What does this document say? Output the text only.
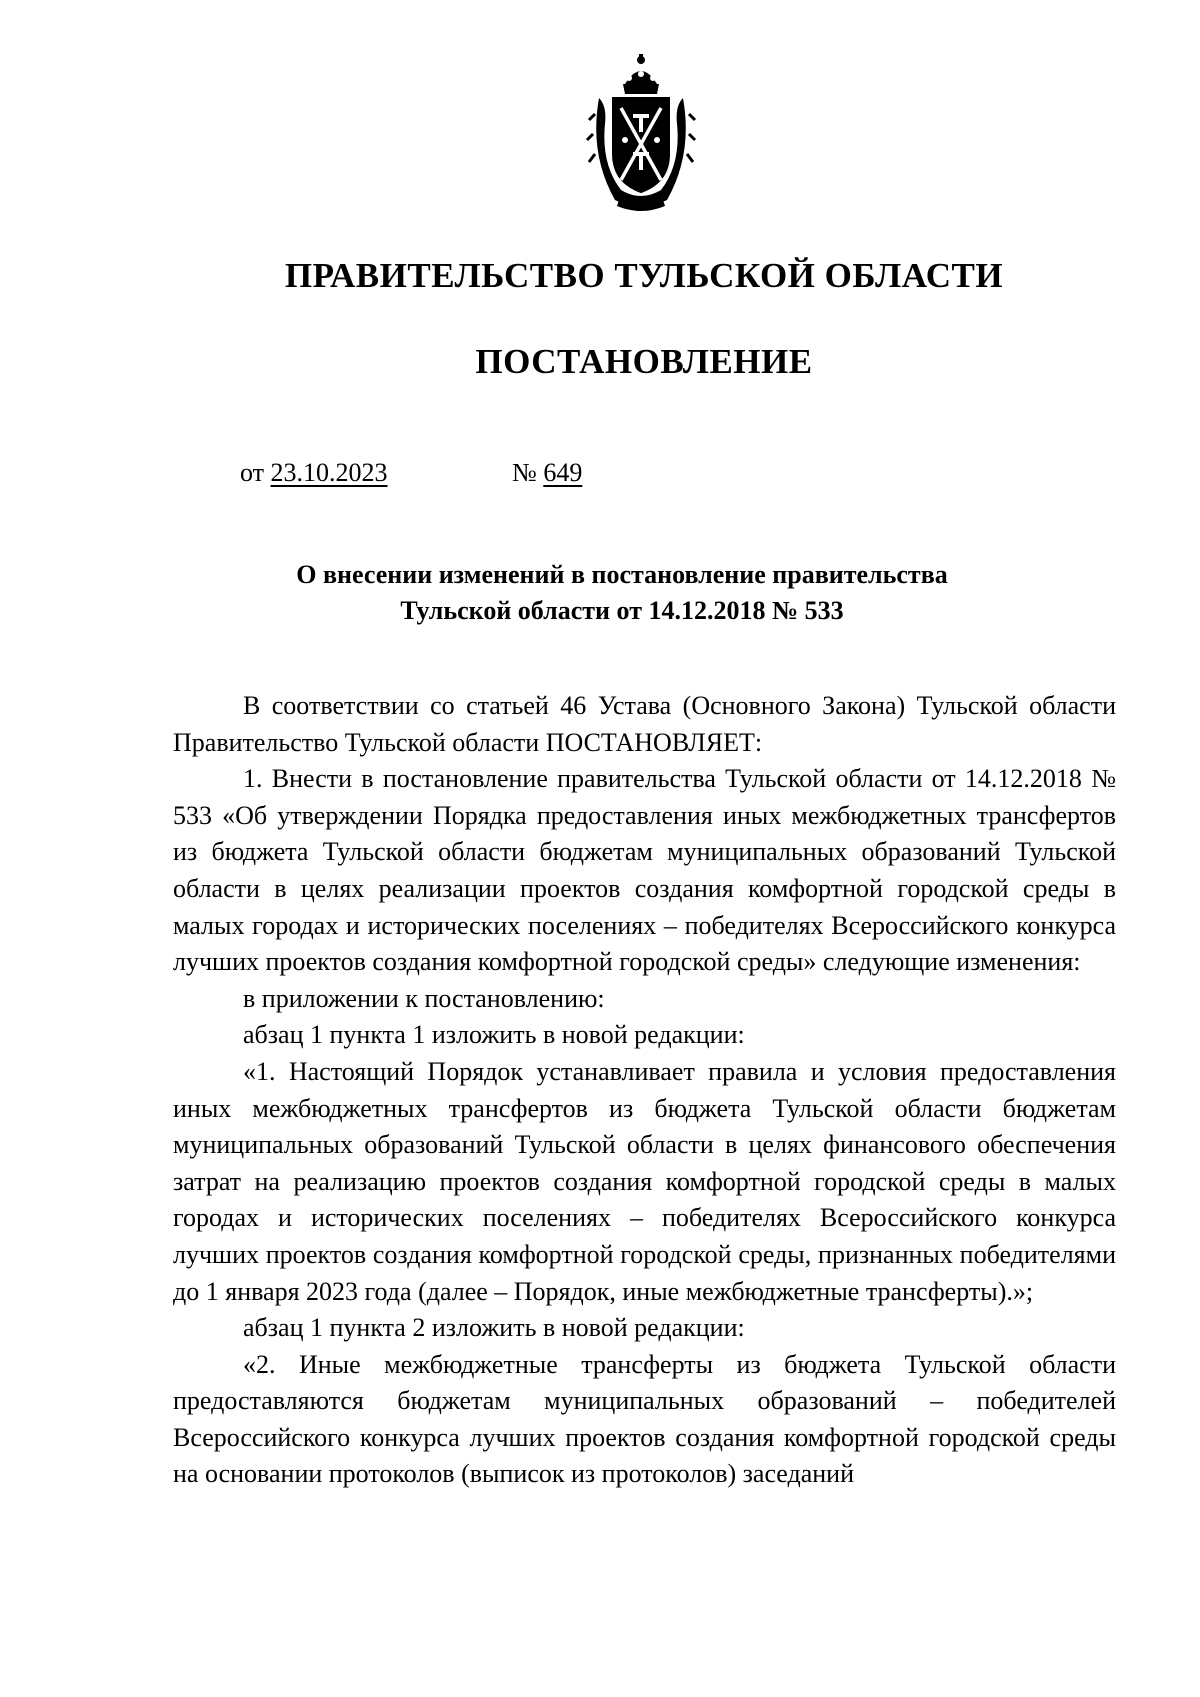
ПРАВИТЕЛЬСТВО ТУЛЬСКОЙ ОБЛАСТИ
ПОСТАНОВЛЕНИЕ
от 23.10.2023	№ 649
О внесении изменений в постановление правительства
Тульской области от 14.12.2018 № 533

В соответствии со статьей 46 Устава (Основного Закона) Тульской области Правительство Тульской области ПОСТАНОВЛЯЕТ:

1. Внести в постановление правительства Тульской области от 14.12.2018 № 533 «Об утверждении Порядка предоставления иных межбюджетных трансфертов из бюджета Тульской области бюджетам муниципальных образований Тульской области в целях реализации проектов создания комфортной городской среды в малых городах и исторических поселениях – победителях Всероссийского конкурса лучших проектов создания комфортной городской среды» следующие изменения:

в приложении к постановлению:

абзац 1 пункта 1 изложить в новой редакции:

«1. Настоящий Порядок устанавливает правила и условия предоставления иных межбюджетных трансфертов из бюджета Тульской области бюджетам муниципальных образований Тульской области в целях финансового обеспечения затрат на реализацию проектов создания комфортной городской среды в малых городах и исторических поселениях – победителях Всероссийского конкурса лучших проектов создания комфортной городской среды, признанных победителями до 1 января 2023 года (далее – Порядок, иные межбюджетные трансферты).»;

абзац 1 пункта 2 изложить в новой редакции:

«2. Иные межбюджетные трансферты из бюджета Тульской области предоставляются бюджетам муниципальных образований – победителей Всероссийского конкурса лучших проектов создания комфортной городской среды на основании протоколов (выписок из протоколов) заседаний
